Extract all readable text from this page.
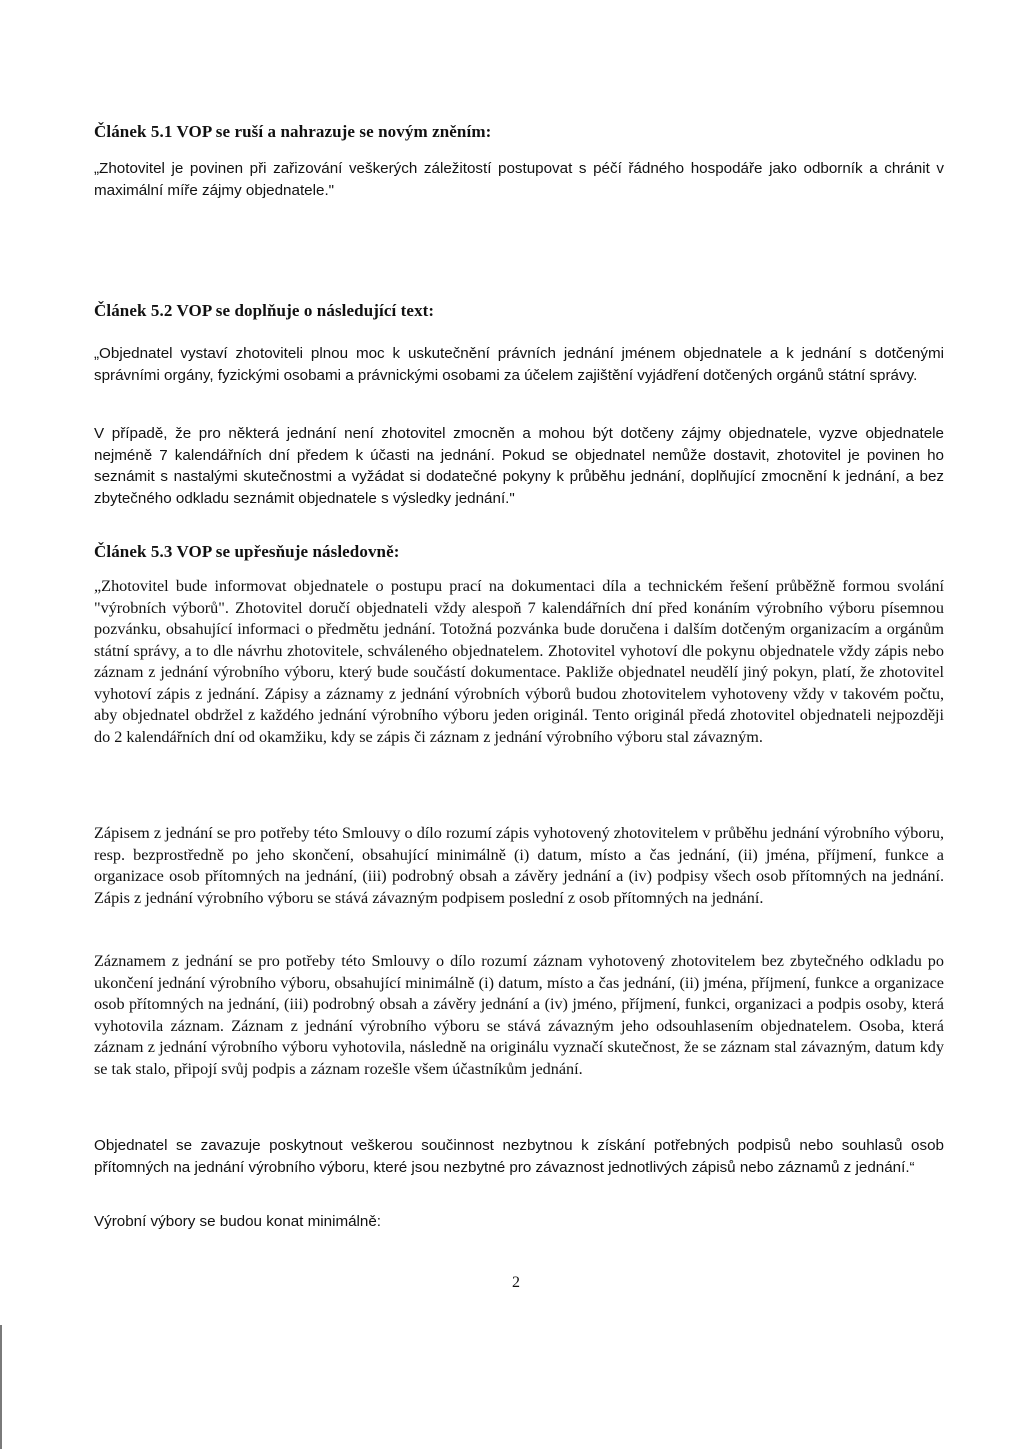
Článek 5.1 VOP se ruší a nahrazuje se novým zněním:
„Zhotovitel je povinen při zařizování veškerých záležitostí postupovat s péčí řádného hospodáře jako odborník a chránit v maximální míře zájmy objednatele."
Článek 5.2 VOP se doplňuje o následující text:
„Objednatel vystaví zhotoviteli plnou moc k uskutečnění právních jednání jménem objednatele a k jednání s dotčenými správními orgány, fyzickými osobami a právnickými osobami za účelem zajištění vyjádření dotčených orgánů státní správy.
V případě, že pro některá jednání není zhotovitel zmocněn a mohou být dotčeny zájmy objednatele, vyzve objednatele nejméně 7 kalendářních dní předem k účasti na jednání. Pokud se objednatel nemůže dostavit, zhotovitel je povinen ho seznámit s nastalými skutečnostmi a vyžádat si dodatečné pokyny k průběhu jednání, doplňující zmocnění k jednání, a bez zbytečného odkladu seznámit objednatele s výsledky jednání."
Článek 5.3 VOP se upřesňuje následovně:
„Zhotovitel bude informovat objednatele o postupu prací na dokumentaci díla a technickém řešení průběžně formou svolání "výrobních výborů". Zhotovitel doručí objednateli vždy alespoň 7 kalendářních dní před konáním výrobního výboru písemnou pozvánku, obsahující informaci o předmětu jednání. Totožná pozvánka bude doručena i dalším dotčeným organizacím a orgánům státní správy, a to dle návrhu zhotovitele, schváleného objednatelem. Zhotovitel vyhotoví dle pokynu objednatele vždy zápis nebo záznam z jednání výrobního výboru, který bude součástí dokumentace. Pakliže objednatel neudělí jiný pokyn, platí, že zhotovitel vyhotoví zápis z jednání. Zápisy a záznamy z jednání výrobních výborů budou zhotovitelem vyhotoveny vždy v takovém počtu, aby objednatel obdržel z každého jednání výrobního výboru jeden originál. Tento originál předá zhotovitel objednateli nejpozději do 2 kalendářních dní od okamžiku, kdy se zápis či záznam z jednání výrobního výboru stal závazným.
Zápisem z jednání se pro potřeby této Smlouvy o dílo rozumí zápis vyhotovený zhotovitelem v průběhu jednání výrobního výboru, resp. bezprostředně po jeho skončení, obsahující minimálně (i) datum, místo a čas jednání, (ii) jména, příjmení, funkce a organizace osob přítomných na jednání, (iii) podrobný obsah a závěry jednání a (iv) podpisy všech osob přítomných na jednání. Zápis z jednání výrobního výboru se stává závazným podpisem poslední z osob přítomných na jednání.
Záznamem z jednání se pro potřeby této Smlouvy o dílo rozumí záznam vyhotovený zhotovitelem bez zbytečného odkladu po ukončení jednání výrobního výboru, obsahující minimálně (i) datum, místo a čas jednání, (ii) jména, příjmení, funkce a organizace osob přítomných na jednání, (iii) podrobný obsah a závěry jednání a (iv) jméno, příjmení, funkci, organizaci a podpis osoby, která vyhotovila záznam. Záznam z jednání výrobního výboru se stává závazným jeho odsouhlasením objednatelem. Osoba, která záznam z jednání výrobního výboru vyhotovila, následně na originálu vyznačí skutečnost, že se záznam stal závazným, datum kdy se tak stalo, připojí svůj podpis a záznam rozešle všem účastníkům jednání.
Objednatel se zavazuje poskytnout veškerou součinnost nezbytnou k získání potřebných podpisů nebo souhlasů osob přítomných na jednání výrobního výboru, které jsou nezbytné pro závaznost jednotlivých zápisů nebo záznamů z jednání.“
Výrobní výbory se budou konat minimálně:
2
